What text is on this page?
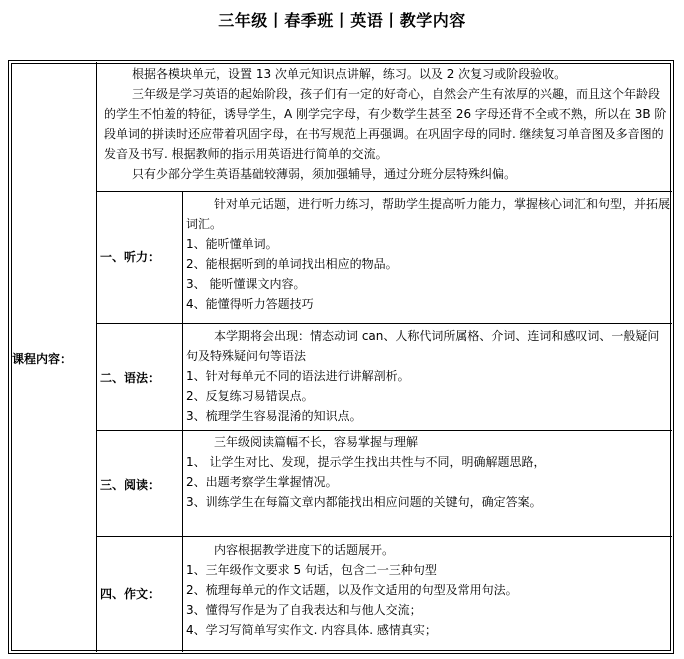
三年级丨春季班丨英语丨教学内容
课程内容：

根据各模块单元，设置 13 次单元知识点讲解，练习。以及 2 次复习或阶段验收。

三年级是学习英语的起始阶段，孩子们有一定的好奇心，自然会产生有浓厚的兴趣，而且这个年龄段的学生不怕羞的特征，诱导学生，A 刚学完字母，有少数学生甚至 26 字母还背不全或不熟，所以在 3B 阶段单词的拼读时还应带着巩固字母，在书写规范上再强调。在巩固字母的同时. 继续复习单音图及多音图的发音及书写. 根据教师的指示用英语进行简单的交流。

只有少部分学生英语基础较薄弱，须加强辅导，通过分班分层特殊纠偏。

一、听力：

针对单元话题，进行听力练习，帮助学生提高听力能力，掌握核心词汇和句型，并拓展词汇。

1、能听懂单词。

2、能根据听到的单词找出相应的物品。

3、 能听懂课文内容。

4、能懂得听力答题技巧

二、语法：

本学期将会出现：情态动词 can、人称代词所属格、介词、连词和感叹词、一般疑问句及特殊疑问句等语法

1、针对每单元不同的语法进行讲解剖析。

2、反复练习易错误点。

3、梳理学生容易混淆的知识点。

三、阅读：

三年级阅读篇幅不长，容易掌握与理解

1、 让学生对比、发现，提示学生找出共性与不同，明确解题思路，

2、出题考察学生掌握情况。

3、训练学生在每篇文章内都能找出相应问题的关键句，确定答案。

四、作文：

内容根据教学进度下的话题展开。

1、三年级作文要求 5 句话，包含二一三种句型

2、梳理每单元的作文话题，以及作文适用的句型及常用句法。

3、懂得写作是为了自我表达和与他人交流；

4、学习写简单写实作文. 内容具体. 感情真实；
